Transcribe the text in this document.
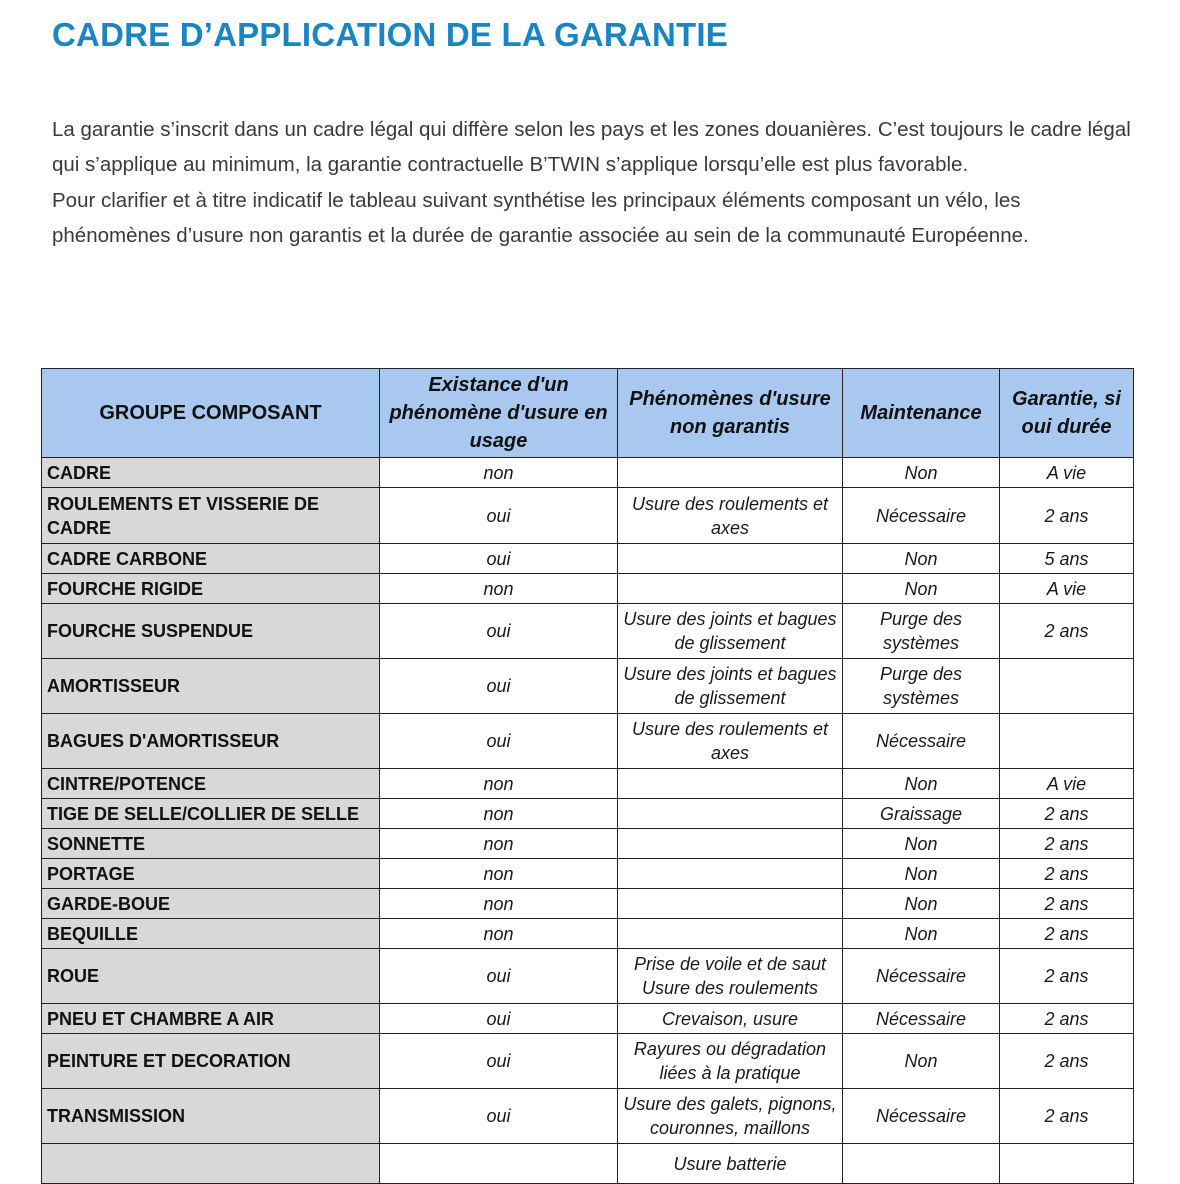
CADRE D’APPLICATION DE LA GARANTIE

La garantie s’inscrit dans un cadre légal qui diffère selon les pays et les zones douanières. C’est toujours le cadre légal qui s’applique au minimum, la garantie contractuelle B’TWIN s’applique lorsqu’elle est plus favorable.

Pour clarifier et à titre indicatif le tableau suivant synthétise les principaux éléments composant un vélo, les phénomènes d’usure non garantis et la durée de garantie associée au sein de la communauté Européenne.

GROUPE COMPOSANT	Existance d'un phénomène d'usure en usage	Phénomènes d'usure non garantis	Maintenance	Garantie, si oui durée
CADRE	non		Non	A vie
ROULEMENTS ET VISSERIE DE CADRE	oui	Usure des roulements et axes	Nécessaire	2 ans
CADRE CARBONE	oui		Non	5 ans
FOURCHE RIGIDE	non		Non	A vie
FOURCHE SUSPENDUE	oui	Usure des joints et bagues de glissement	Purge des systèmes	2 ans
AMORTISSEUR	oui	Usure des joints et bagues de glissement	Purge des systèmes	
BAGUES D'AMORTISSEUR	oui	Usure des roulements et axes	Nécessaire	
CINTRE/POTENCE	non		Non	A vie
TIGE DE SELLE/COLLIER DE SELLE	non		Graissage	2 ans
SONNETTE	non		Non	2 ans
PORTAGE	non		Non	2 ans
GARDE-BOUE	non		Non	2 ans
BEQUILLE	non		Non	2 ans
ROUE	oui	Prise de voile et de saut Usure des roulements	Nécessaire	2 ans
PNEU ET CHAMBRE A AIR	oui	Crevaison, usure	Nécessaire	2 ans
PEINTURE ET DECORATION	oui	Rayures ou dégradation liées à la pratique	Non	2 ans
TRANSMISSION	oui	Usure des galets, pignons, couronnes, maillons	Nécessaire	2 ans
		Usure batterie		
